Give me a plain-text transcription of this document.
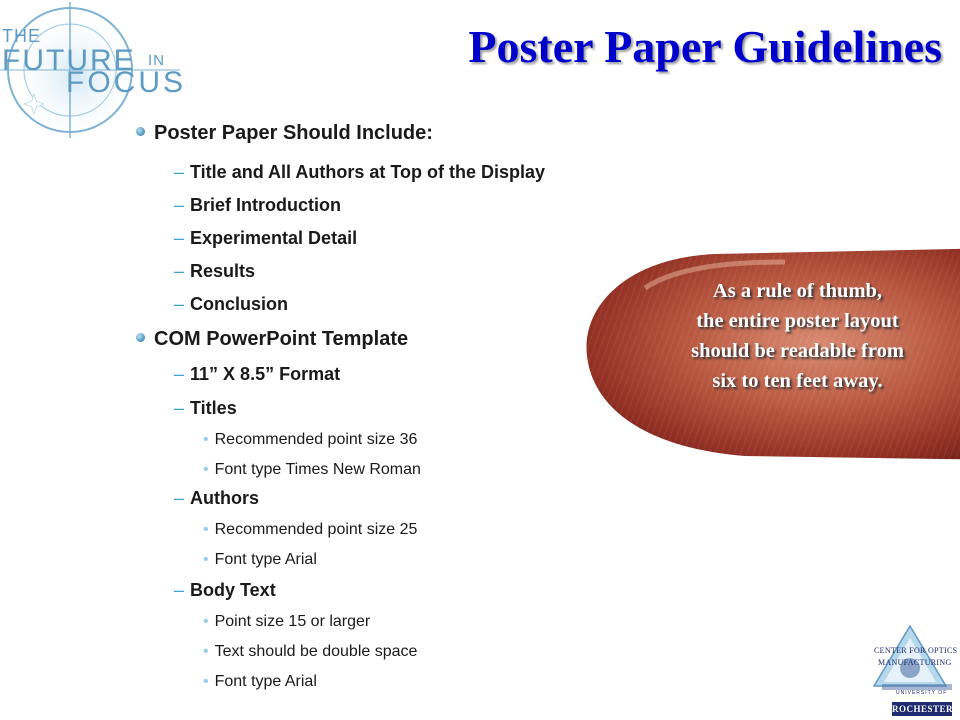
THE
FUTURE IN
FOCUS
Poster Paper Guidelines
Poster Paper Should Include:
– Title and All Authors at Top of the Display
– Brief Introduction
– Experimental Detail
– Results
– Conclusion
COM PowerPoint Template
– 11” X 8.5” Format
– Titles
• Recommended point size 36
• Font type Times New Roman
– Authors
• Recommended point size 25
• Font type Arial
– Body Text
• Point size 15 or larger
• Text should be double space
• Font type Arial
As a rule of thumb,
the entire poster layout
should be readable from
six to ten feet away.
CENTER FOR OPTICS
MANUFACTURING
UNIVERSITY OF
ROCHESTER
